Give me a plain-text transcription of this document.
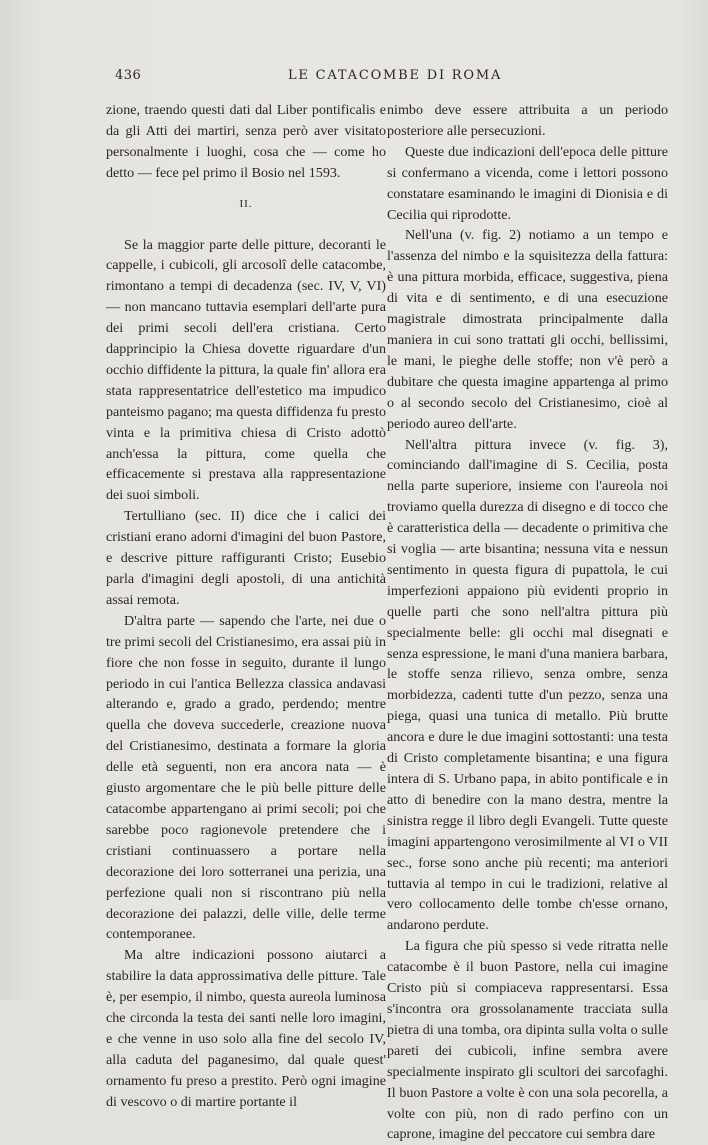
436	LE CATACOMBE DI ROMA

zione, traendo questi dati dal Liber pontificalis e da gli Atti dei martiri, senza però aver visitato personalmente i luoghi, cosa che — come ho detto — fece pel primo il Bosio nel 1593.

II.

Se la maggior parte delle pitture, decoranti le cappelle, i cubicoli, gli arcosolî delle catacombe, rimontano a tempi di decadenza (sec. IV, V, VI) — non mancano tuttavia esemplari dell'arte pura dei primi secoli dell'era cristiana. Certo dapprincipio la Chiesa dovette riguardare d'un occhio diffidente la pittura, la quale fin' allora era stata rappresentatrice dell'estetico ma impudico panteismo pagano; ma questa diffidenza fu presto vinta e la primitiva chiesa di Cristo adottò anch'essa la pittura, come quella che efficacemente si prestava alla rappresentazione dei suoi simboli.

Tertulliano (sec. II) dice che i calici dei cristiani erano adorni d'imagini del buon Pastore, e descrive pitture raffiguranti Cristo; Eusebio parla d'imagini degli apostoli, di una antichità assai remota.

D'altra parte — sapendo che l'arte, nei due o tre primi secoli del Cristianesimo, era assai più in fiore che non fosse in seguito, durante il lungo periodo in cui l'antica Bellezza classica andavasi alterando e, grado a grado, perdendo; mentre quella che doveva succederle, creazione nuova del Cristianesimo, destinata a formare la gloria delle età seguenti, non era ancora nata — è giusto argomentare che le più belle pitture delle catacombe appartengano ai primi secoli; poi che sarebbe poco ragionevole pretendere che i cristiani continuassero a portare nella decorazione dei loro sotterranei una perizia, una perfezione quali non si riscontrano più nella decorazione dei palazzi, delle ville, delle terme contemporanee.

Ma altre indicazioni possono aiutarci a stabilire la data approssimativa delle pitture. Tale è, per esempio, il nimbo, questa aureola luminosa che circonda la testa dei santi nelle loro imagini, e che venne in uso solo alla fine del secolo IV, alla caduta del paganesimo, dal quale quest' ornamento fu preso a prestito. Però ogni imagine di vescovo o di martire portante il

nimbo deve essere attribuita a un periodo posteriore alle persecuzioni.

Queste due indicazioni dell'epoca delle pitture si confermano a vicenda, come i lettori possono constatare esaminando le imagini di Dionisia e di Cecilia qui riprodotte.

Nell'una (v. fig. 2) notiamo a un tempo e l'assenza del nimbo e la squisitezza della fattura: è una pittura morbida, efficace, suggestiva, piena di vita e di sentimento, e di una esecuzione magistrale dimostrata principalmente dalla maniera in cui sono trattati gli occhi, bellissimi, le mani, le pieghe delle stoffe; non v'è però a dubitare che questa imagine appartenga al primo o al secondo secolo del Cristianesimo, cioè al periodo aureo dell'arte.

Nell'altra pittura invece (v. fig. 3), cominciando dall'imagine di S. Cecilia, posta nella parte superiore, insieme con l'aureola noi troviamo quella durezza di disegno e di tocco che è caratteristica della — decadente o primitiva che si voglia — arte bisantina; nessuna vita e nessun sentimento in questa figura di pupattola, le cui imperfezioni appaiono più evidenti proprio in quelle parti che sono nell'altra pittura più specialmente belle: gli occhi mal disegnati e senza espressione, le mani d'una maniera barbara, le stoffe senza rilievo, senza ombre, senza morbidezza, cadenti tutte d'un pezzo, senza una piega, quasi una tunica di metallo. Più brutte ancora e dure le due imagini sottostanti: una testa di Cristo completamente bisantina; e una figura intera di S. Urbano papa, in abito pontificale e in atto di benedire con la mano destra, mentre la sinistra regge il libro degli Evangeli. Tutte queste imagini appartengono verosimilmente al VI o VII sec., forse sono anche più recenti; ma anteriori tuttavia al tempo in cui le tradizioni, relative al vero collocamento delle tombe ch'esse ornano, andarono perdute.

La figura che più spesso si vede ritratta nelle catacombe è il buon Pastore, nella cui imagine Cristo più si compiaceva rappresentarsi. Essa s'incontra ora grossolanamente tracciata sulla pietra di una tomba, ora dipinta sulla volta o sulle pareti dei cubicoli, infine sembra avere specialmente inspirato gli scultori dei sarcofaghi. Il buon Pastore a volte è con una sola pecorella, a volte con più, non di rado perfino con un caprone, imagine del peccatore cui sembra dare
